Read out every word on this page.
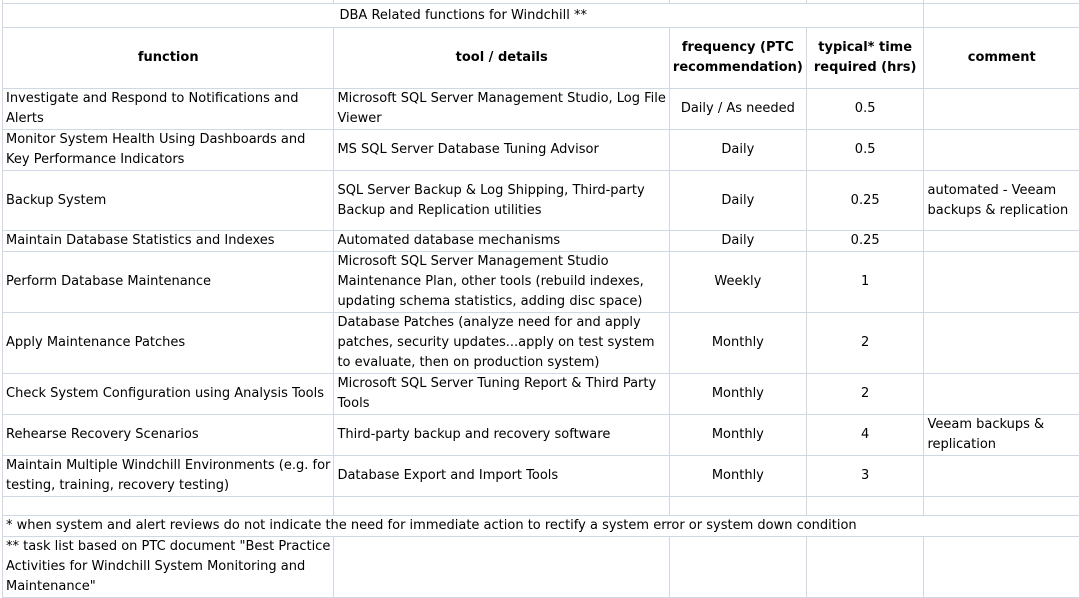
DBA Related functions for Windchill **				
function	tool / details	frequency (PTC recommendation)	typical* time required (hrs)	comment
Investigate and Respond to Notifications and Alerts	Microsoft SQL Server Management Studio, Log File Viewer	Daily / As needed	0.5	
Monitor System Health Using Dashboards and Key Performance Indicators	MS SQL Server Database Tuning Advisor	Daily	0.5	
Backup System	SQL Server Backup & Log Shipping, Third-party Backup and Replication utilities	Daily	0.25	automated - Veeam backups & replication
Maintain Database Statistics and Indexes	Automated database mechanisms	Daily	0.25	
Perform Database Maintenance	Microsoft SQL Server Management Studio Maintenance Plan, other tools (rebuild indexes, updating schema statistics, adding disc space)	Weekly	1	
Apply Maintenance Patches	Database Patches (analyze need for and apply patches, security updates...apply on test system to evaluate, then on production system)	Monthly	2	
Check System Configuration using Analysis Tools	Microsoft SQL Server Tuning Report & Third Party Tools	Monthly	2	
Rehearse Recovery Scenarios	Third-party backup and recovery software	Monthly	4	Veeam backups & replication
Maintain Multiple Windchill Environments (e.g. for testing, training, recovery testing)	Database Export and Import Tools	Monthly	3	

* when system and alert reviews do not indicate the need for immediate action to rectify a system error or system down condition				
** task list based on PTC document "Best Practice Activities for Windchill System Monitoring and Maintenance"				
